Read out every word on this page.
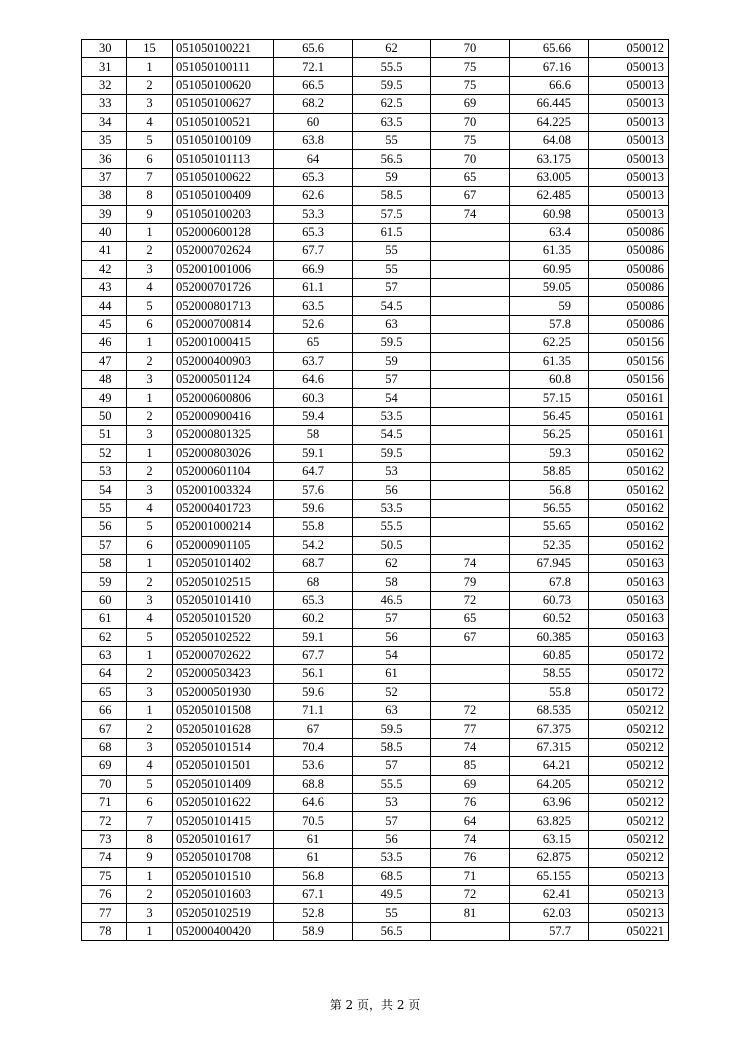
30	15	051050100221	65.6	62	70	65.66	050012
31	1	051050100111	72.1	55.5	75	67.16	050013
32	2	051050100620	66.5	59.5	75	66.6	050013
33	3	051050100627	68.2	62.5	69	66.445	050013
34	4	051050100521	60	63.5	70	64.225	050013
35	5	051050100109	63.8	55	75	64.08	050013
36	6	051050101113	64	56.5	70	63.175	050013
37	7	051050100622	65.3	59	65	63.005	050013
38	8	051050100409	62.6	58.5	67	62.485	050013
39	9	051050100203	53.3	57.5	74	60.98	050013
40	1	052000600128	65.3	61.5		63.4	050086
41	2	052000702624	67.7	55		61.35	050086
42	3	052001001006	66.9	55		60.95	050086
43	4	052000701726	61.1	57		59.05	050086
44	5	052000801713	63.5	54.5		59	050086
45	6	052000700814	52.6	63		57.8	050086
46	1	052001000415	65	59.5		62.25	050156
47	2	052000400903	63.7	59		61.35	050156
48	3	052000501124	64.6	57		60.8	050156
49	1	052000600806	60.3	54		57.15	050161
50	2	052000900416	59.4	53.5		56.45	050161
51	3	052000801325	58	54.5		56.25	050161
52	1	052000803026	59.1	59.5		59.3	050162
53	2	052000601104	64.7	53		58.85	050162
54	3	052001003324	57.6	56		56.8	050162
55	4	052000401723	59.6	53.5		56.55	050162
56	5	052001000214	55.8	55.5		55.65	050162
57	6	052000901105	54.2	50.5		52.35	050162
58	1	052050101402	68.7	62	74	67.945	050163
59	2	052050102515	68	58	79	67.8	050163
60	3	052050101410	65.3	46.5	72	60.73	050163
61	4	052050101520	60.2	57	65	60.52	050163
62	5	052050102522	59.1	56	67	60.385	050163
63	1	052000702622	67.7	54		60.85	050172
64	2	052000503423	56.1	61		58.55	050172
65	3	052000501930	59.6	52		55.8	050172
66	1	052050101508	71.1	63	72	68.535	050212
67	2	052050101628	67	59.5	77	67.375	050212
68	3	052050101514	70.4	58.5	74	67.315	050212
69	4	052050101501	53.6	57	85	64.21	050212
70	5	052050101409	68.8	55.5	69	64.205	050212
71	6	052050101622	64.6	53	76	63.96	050212
72	7	052050101415	70.5	57	64	63.825	050212
73	8	052050101617	61	56	74	63.15	050212
74	9	052050101708	61	53.5	76	62.875	050212
75	1	052050101510	56.8	68.5	71	65.155	050213
76	2	052050101603	67.1	49.5	72	62.41	050213
77	3	052050102519	52.8	55	81	62.03	050213
78	1	052000400420	58.9	56.5		57.7	050221
第 2 页，共 2 页
